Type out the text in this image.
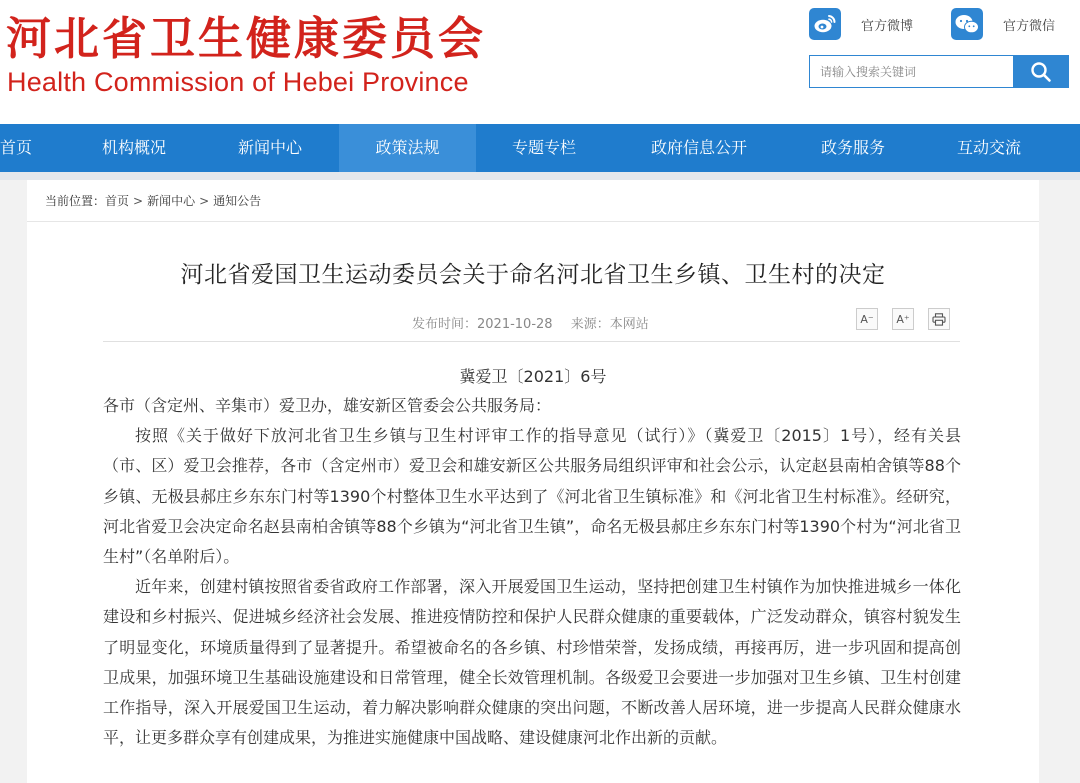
河北省卫生健康委员会
Health Commission of Hebei Province
官方微博	官方微信
请输入搜索关键词
首页	机构概况	新闻中心	政策法规	专题专栏	政府信息公开	政务服务	互动交流
当前位置：首页 > 新闻中心 > 通知公告
河北省爱国卫生运动委员会关于命名河北省卫生乡镇、卫生村的决定
发布时间：2021-10-28 来源：本网站	A⁻	A⁺
冀爱卫〔2021〕6号

各市（含定州、辛集市）爱卫办，雄安新区管委会公共服务局：

按照《关于做好下放河北省卫生乡镇与卫生村评审工作的指导意见（试行）》（冀爱卫〔2015〕1号），经有关县（市、区）爱卫会推荐，各市（含定州市）爱卫会和雄安新区公共服务局组织评审和社会公示，认定赵县南柏舍镇等88个乡镇、无极县郝庄乡东东门村等1390个村整体卫生水平达到了《河北省卫生镇标准》和《河北省卫生村标准》。经研究，河北省爱卫会决定命名赵县南柏舍镇等88个乡镇为“河北省卫生镇”，命名无极县郝庄乡东东门村等1390个村为“河北省卫生村”（名单附后）。

近年来，创建村镇按照省委省政府工作部署，深入开展爱国卫生运动，坚持把创建卫生村镇作为加快推进城乡一体化建设和乡村振兴、促进城乡经济社会发展、推进疫情防控和保护人民群众健康的重要载体，广泛发动群众，镇容村貌发生了明显变化，环境质量得到了显著提升。希望被命名的各乡镇、村珍惜荣誉，发扬成绩，再接再厉，进一步巩固和提高创卫成果，加强环境卫生基础设施建设和日常管理，健全长效管理机制。各级爱卫会要进一步加强对卫生乡镇、卫生村创建工作指导，深入开展爱国卫生运动，着力解决影响群众健康的突出问题，不断改善人居环境，进一步提高人民群众健康水平，让更多群众享有创建成果，为推进实施健康中国战略、建设健康河北作出新的贡献。
